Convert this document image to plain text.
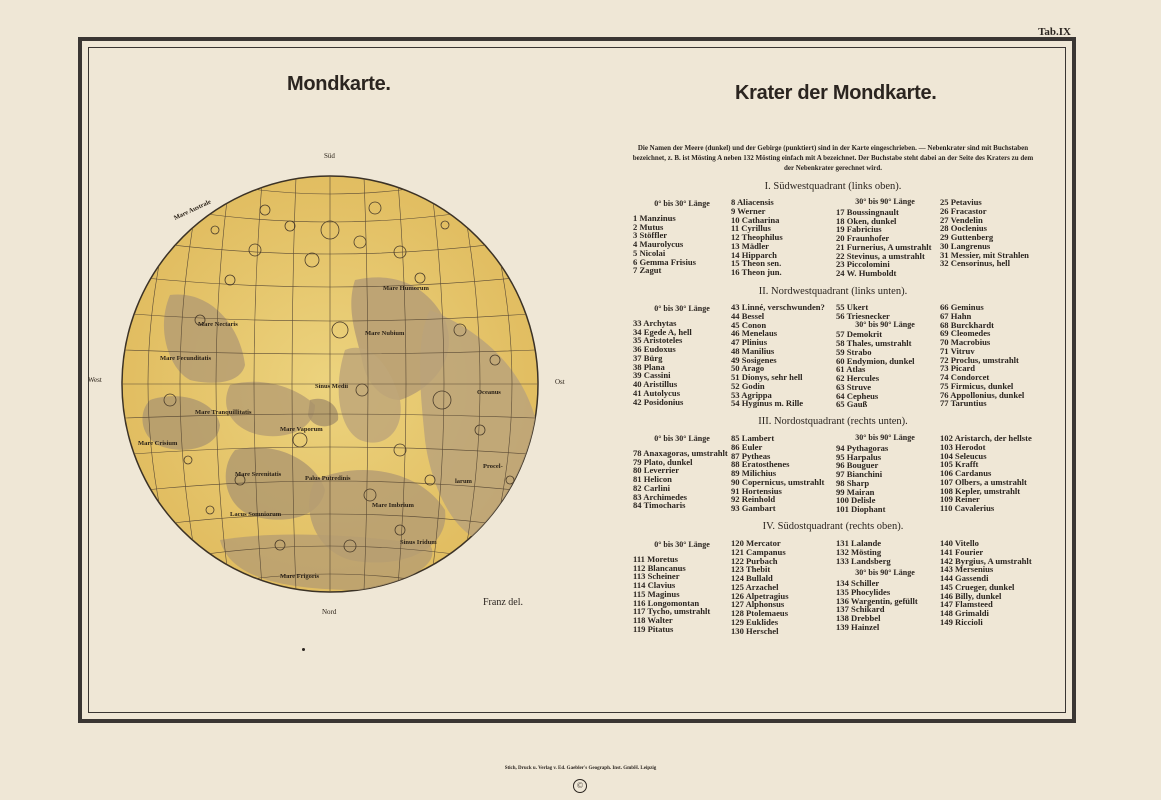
Tab.IX
Mondkarte.	Krater der Mondkarte.
Mare Humorum
Mare Nubium
Mare Nectaris
Mare Fecunditatis
Mare Tranquillitatis
Mare Vaporum
Sinus Medii
Oceanus
Procel-
larum
Mare Crisium
Mare Serenitatis
Mare Imbrium
Mare Frigoris
Mare Australe
Lacus Somniorum
Palus Putredinis
Sinus Iridum
Süd
Nord
West	Ost
Franz del.
Die Namen der Meere (dunkel) und der Gebirge (punktiert) sind in der Karte eingeschrieben. — Nebenkrater sind mit Buchstaben bezeichnet, z. B. ist Mösting A neben 132 Mösting einfach mit A bezeichnet. Der Buchstabe steht dabei an der Seite des Kraters zu dem der Nebenkrater gerechnet wird.
I. Südwestquadrant (links oben).
0° bis 30° Länge
1 Manzinus
2 Mutus
3 Stöffler
4 Maurolycus
5 Nicolai
6 Gemma Frisius
7 Zagut
8 Aliacensis
9 Werner
10 Catharina
11 Cyrillus
12 Theophilus
13 Mädler
14 Hipparch
15 Theon sen.
16 Theon jun.
30° bis 90° Länge
17 Boussingnault
18 Oken, dunkel
19 Fabricius
20 Fraunhofer
21 Furnerius, A umstrahlt
22 Stevinus, a umstrahlt
23 Piccolomini
24 W. Humboldt
25 Petavius
26 Fracastor
27 Vendelin
28 Ooclenius
29 Guttenberg
30 Langrenus
31 Messier, mit Strahlen
32 Censorinus, hell
II. Nordwestquadrant (links unten).
0° bis 30° Länge
33 Archytas
34 Egede A, hell
35 Aristoteles
36 Eudoxus
37 Bürg
38 Plana
39 Cassini
40 Aristillus
41 Autolycus
42 Posidonius
43 Linné, verschwunden?
44 Bessel
45 Conon
46 Menelaus
47 Plinius
48 Manilius
49 Sosigenes
50 Arago
51 Dionys, sehr hell
52 Godin
53 Agrippa
54 Hyginus m. Rille
55 Ukert
56 Triesnecker
30° bis 90° Länge
57 Demokrit
58 Thales, umstrahlt
59 Strabo
60 Endymion, dunkel
61 Atlas
62 Hercules
63 Struve
64 Cepheus
65 Gauß
66 Geminus
67 Hahn
68 Burckhardt
69 Cleomedes
70 Macrobius
71 Vitruv
72 Proclus, umstrahlt
73 Picard
74 Condorcet
75 Firmicus, dunkel
76 Appollonius, dunkel
77 Taruntius
III. Nordostquadrant (rechts unten).
0° bis 30° Länge
78 Anaxagoras, umstrahlt
79 Plato, dunkel
80 Leverrier
81 Helicon
82 Carlini
83 Archimedes
84 Timocharis
85 Lambert
86 Euler
87 Pytheas
88 Eratosthenes
89 Milichius
90 Copernicus, umstrahlt
91 Hortensius
92 Reinhold
93 Gambart
30° bis 90° Länge
94 Pythagoras
95 Harpalus
96 Bouguer
97 Bianchini
98 Sharp
99 Mairan
100 Delisle
101 Diophant
102 Aristarch, der hellste
103 Herodot
104 Seleucus
105 Krafft
106 Cardanus
107 Olbers, a umstrahlt
108 Kepler, umstrahlt
109 Reiner
110 Cavalerius
IV. Südostquadrant (rechts oben).
0° bis 30° Länge
111 Moretus
112 Blancanus
113 Scheiner
114 Clavius
115 Maginus
116 Longomontan
117 Tycho, umstrahlt
118 Walter
119 Pitatus
120 Mercator
121 Campanus
122 Purbach
123 Thebit
124 Bullald
125 Arzachel
126 Alpetragius
127 Alphonsus
128 Ptolemaeus
129 Euklides
130 Herschel
131 Lalande
132 Mösting
133 Landsberg
30° bis 90° Länge
134 Schiller
135 Phocylides
136 Wargentin, gefüllt
137 Schikard
138 Drebbel
139 Hainzel
140 Vitello
141 Fourier
142 Byrgius, A umstrahlt
143 Mersenius
144 Gassendi
145 Crueger, dunkel
146 Billy, dunkel
147 Flamsteed
148 Grimaldi
149 Riccioli
Stich, Druck u. Verlag v. Ed. Gaebler's Geograph. Inst. GmbH. Leipzig
©
